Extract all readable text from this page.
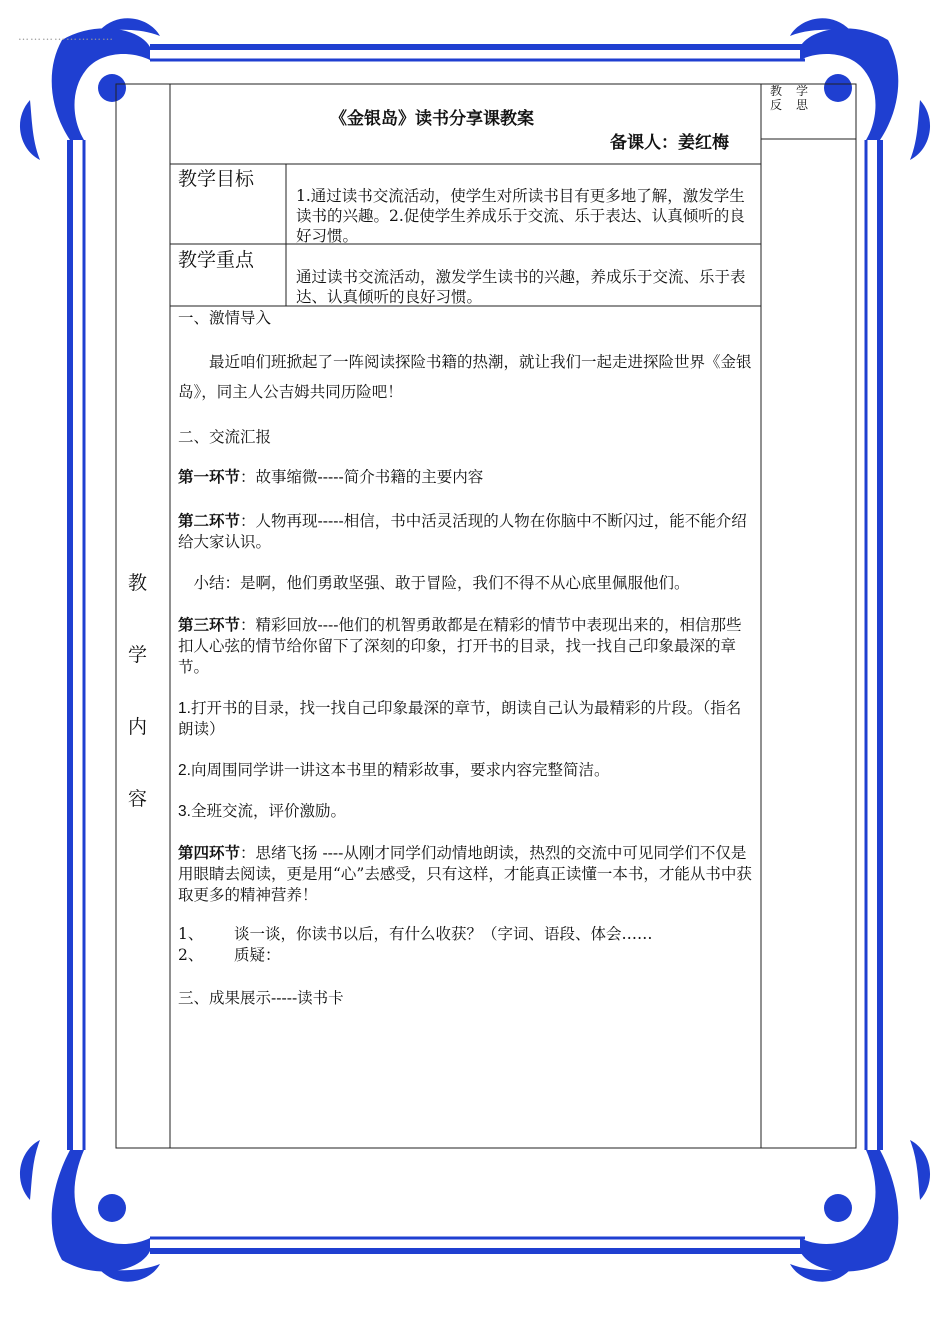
……………………
《金银岛》读书分享课教案
备课人：姜红梅
教　学
反　思
教学目标
1.通过读书交流活动，使学生对所读书目有更多地了解，激发学生读书的兴趣。2.促使学生养成乐于交流、乐于表达、认真倾听的良好习惯。
教学重点
通过读书交流活动，激发学生读书的兴趣，养成乐于交流、乐于表达、认真倾听的良好习惯。
教
学
内
容

一、激情导入

最近咱们班掀起了一阵阅读探险书籍的热潮，就让我们一起走进探险世界《金银岛》，同主人公吉姆共同历险吧！

二、交流汇报

第一环节：故事缩微-----简介书籍的主要内容

第二环节：人物再现-----相信，书中活灵活现的人物在你脑中不断闪过，能不能介绍给大家认识。

小结：是啊，他们勇敢坚强、敢于冒险，我们不得不从心底里佩服他们。

第三环节：精彩回放----他们的机智勇敢都是在精彩的情节中表现出来的，相信那些扣人心弦的情节给你留下了深刻的印象，打开书的目录，找一找自己印象最深的章节。

1.打开书的目录，找一找自己印象最深的章节，朗读自己认为最精彩的片段。（指名朗读）

2.向周围同学讲一讲这本书里的精彩故事，要求内容完整简洁。

3.全班交流，评价激励。

第四环节：思绪飞扬 ----从刚才同学们动情地朗读，热烈的交流中可见同学们不仅是用眼睛去阅读，更是用“心”去感受，只有这样，才能真正读懂一本书，才能从书中获取更多的精神营养！

1、 谈一谈，你读书以后，有什么收获？（字词、语段、体会……

2、 质疑：

三、成果展示-----读书卡
